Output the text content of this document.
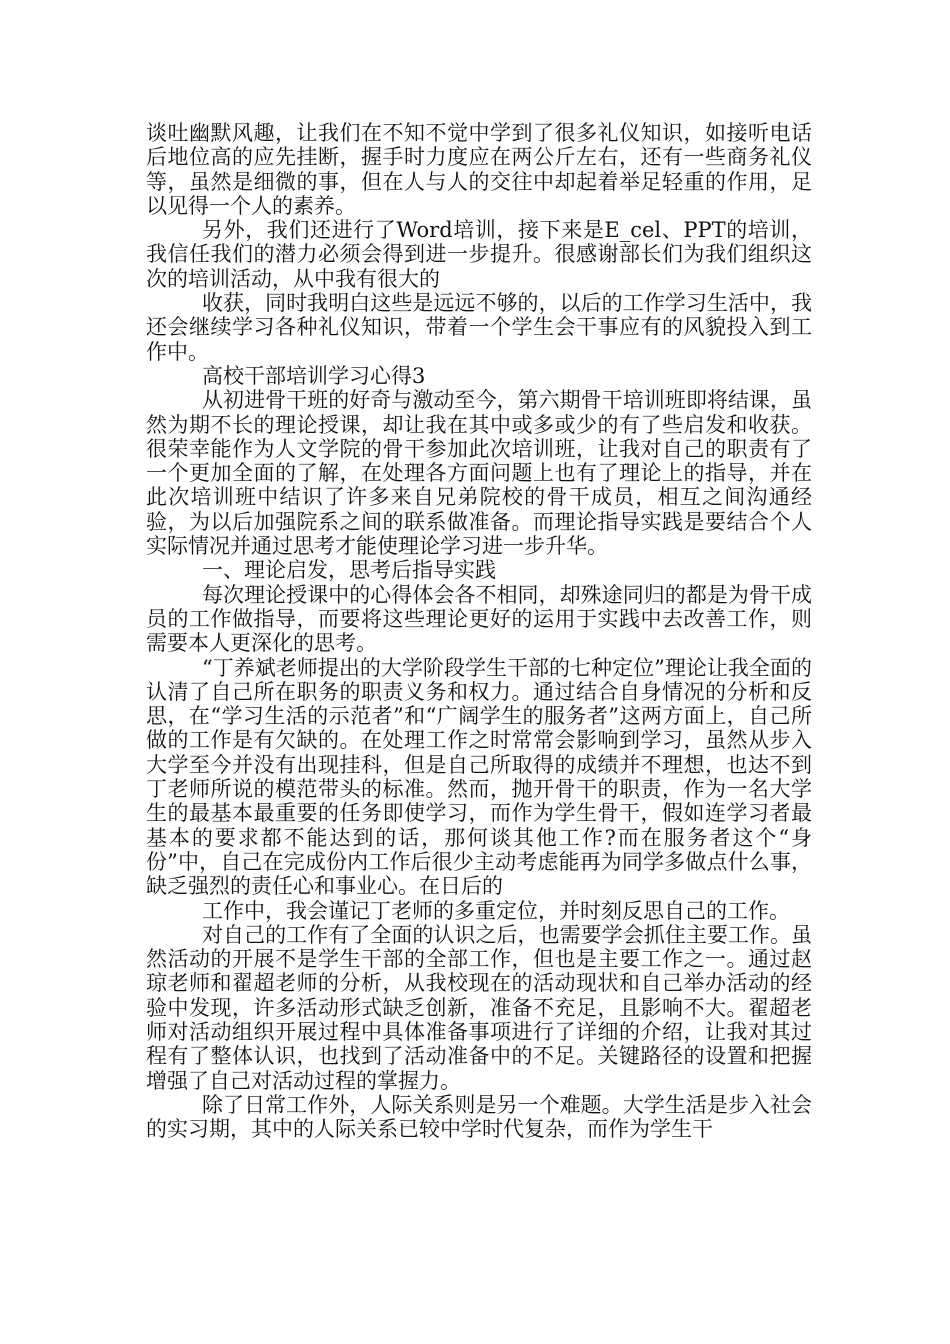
谈吐幽默风趣，让我们在不知不觉中学到了很多礼仪知识，如接听电话后地位高的应先挂断，握手时力度应在两公斤左右，还有一些商务礼仪等，虽然是细微的事，但在人与人的交往中却起着举足轻重的作用，足以见得一个人的素养。

另外，我们还进行了Word培训，接下来是E_cel、PPT的培训，我信任我们的潜力必须会得到进一步提升。很感谢部长们为我们组织这次的培训活动，从中我有很大的

收获，同时我明白这些是远远不够的，以后的工作学习生活中，我还会继续学习各种礼仪知识，带着一个学生会干事应有的风貌投入到工作中。

高校干部培训学习心得3

从初进骨干班的好奇与激动至今，第六期骨干培训班即将结课，虽然为期不长的理论授课，却让我在其中或多或少的有了些启发和收获。很荣幸能作为人文学院的骨干参加此次培训班，让我对自己的职责有了一个更加全面的了解，在处理各方面问题上也有了理论上的指导，并在此次培训班中结识了许多来自兄弟院校的骨干成员，相互之间沟通经验，为以后加强院系之间的联系做准备。而理论指导实践是要结合个人实际情况并通过思考才能使理论学习进一步升华。

一、理论启发，思考后指导实践

每次理论授课中的心得体会各不相同，却殊途同归的都是为骨干成员的工作做指导，而要将这些理论更好的运用于实践中去改善工作，则需要本人更深化的思考。

“丁养斌老师提出的大学阶段学生干部的七种定位”理论让我全面的认清了自己所在职务的职责义务和权力。通过结合自身情况的分析和反思，在“学习生活的示范者”和“广阔学生的服务者”这两方面上，自己所做的工作是有欠缺的。在处理工作之时常常会影响到学习，虽然从步入大学至今并没有出现挂科，但是自己所取得的成绩并不理想，也达不到丁老师所说的模范带头的标准。然而，抛开骨干的职责，作为一名大学生的最基本最重要的任务即使学习，而作为学生骨干，假如连学习者最基本的要求都不能达到的话，那何谈其他工作?而在服务者这个“身份”中，自己在完成份内工作后很少主动考虑能再为同学多做点什么事，缺乏强烈的责任心和事业心。在日后的

工作中，我会谨记丁老师的多重定位，并时刻反思自己的工作。

对自己的工作有了全面的认识之后，也需要学会抓住主要工作。虽然活动的开展不是学生干部的全部工作，但也是主要工作之一。通过赵琼老师和翟超老师的分析，从我校现在的活动现状和自己举办活动的经验中发现，许多活动形式缺乏创新，准备不充足，且影响不大。翟超老师对活动组织开展过程中具体准备事项进行了详细的介绍，让我对其过程有了整体认识，也找到了活动准备中的不足。关键路径的设置和把握增强了自己对活动过程的掌握力。

除了日常工作外，人际关系则是另一个难题。大学生活是步入社会的实习期，其中的人际关系已较中学时代复杂，而作为学生干
